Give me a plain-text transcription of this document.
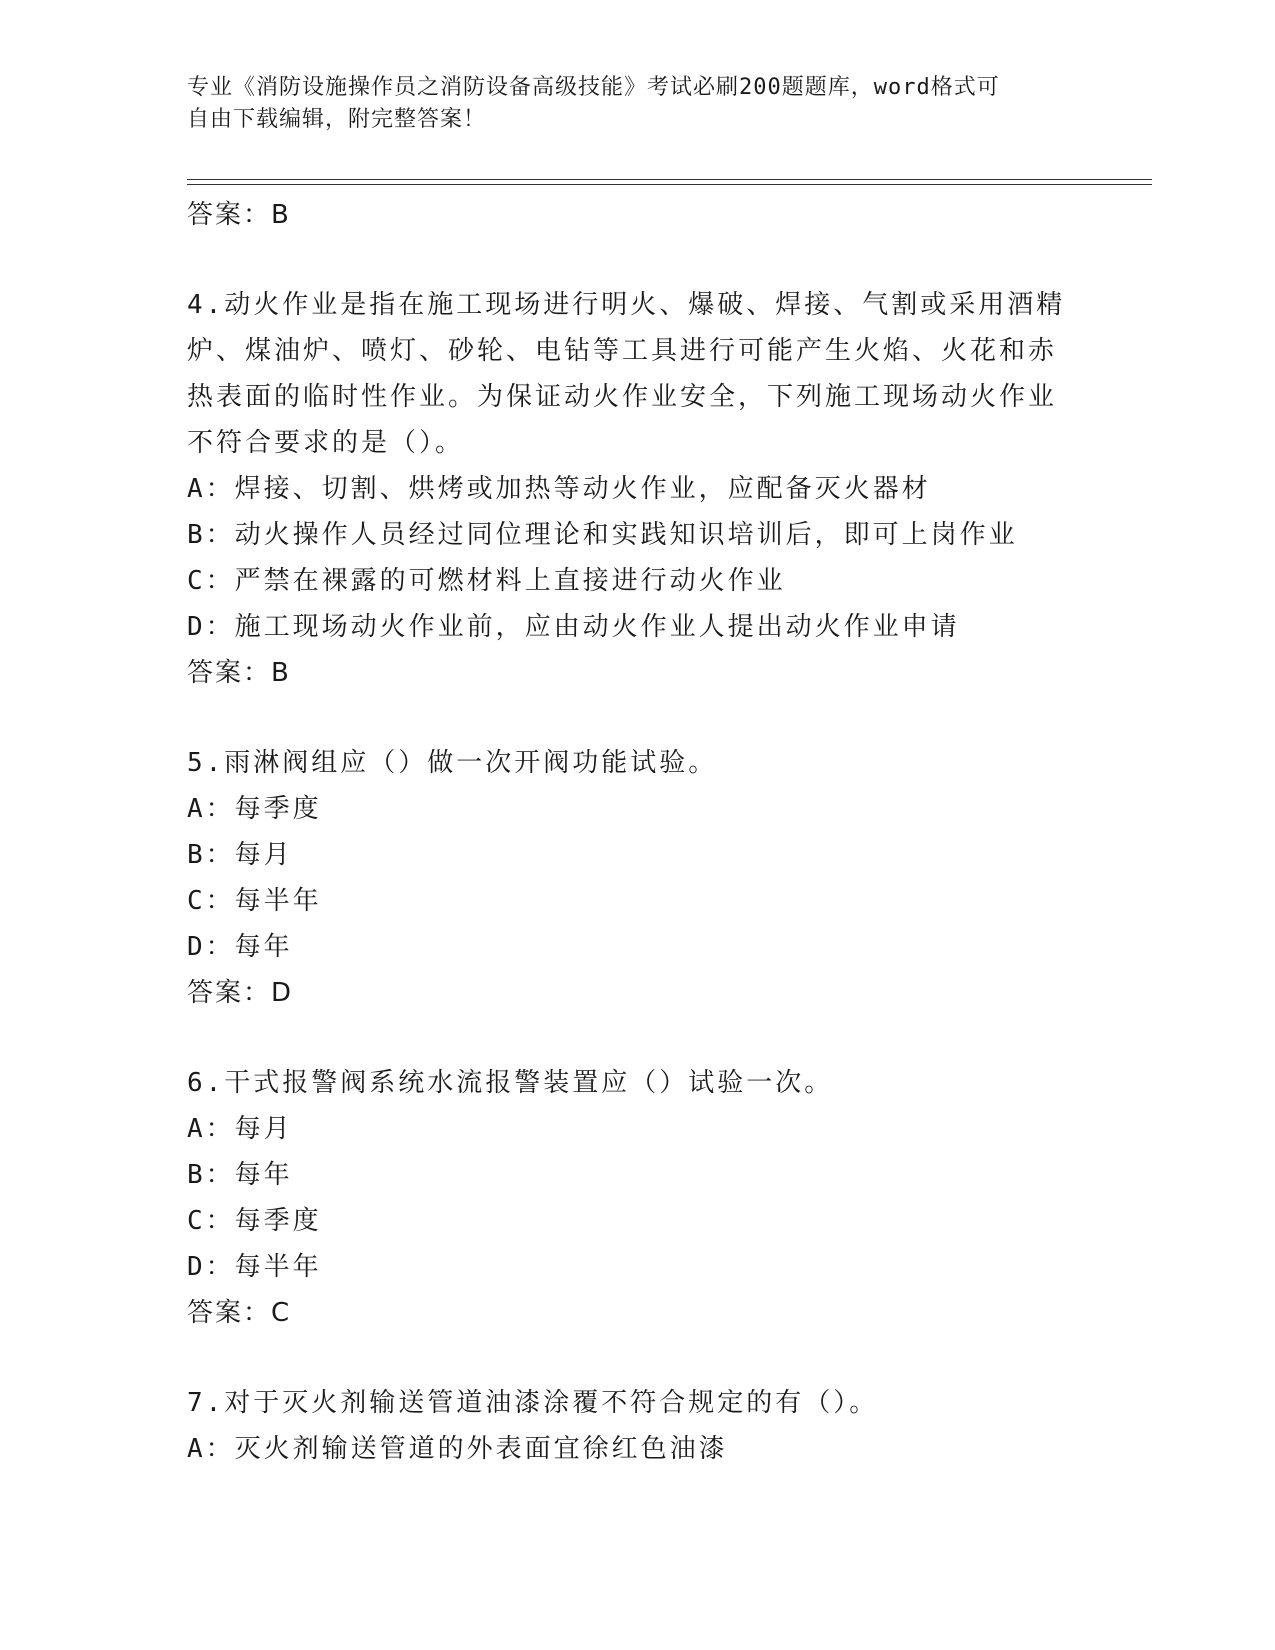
专业《消防设施操作员之消防设备高级技能》考试必刷200题题库，word格式可
自由下载编辑，附完整答案！
答案：B
4.动火作业是指在施工现场进行明火、爆破、焊接、气割或采用酒精
炉、煤油炉、喷灯、砂轮、电钻等工具进行可能产生火焰、火花和赤
热表面的临时性作业。为保证动火作业安全，下列施工现场动火作业
不符合要求的是（）。
A：焊接、切割、烘烤或加热等动火作业，应配备灭火器材
B：动火操作人员经过同位理论和实践知识培训后，即可上岗作业
C：严禁在裸露的可燃材料上直接进行动火作业
D：施工现场动火作业前，应由动火作业人提出动火作业申请
答案：B
5.雨淋阀组应（）做一次开阀功能试验。
A：每季度
B：每月
C：每半年
D：每年
答案：D
6.干式报警阀系统水流报警装置应（）试验一次。
A：每月
B：每年
C：每季度
D：每半年
答案：C
7.对于灭火剂输送管道油漆涂覆不符合规定的有（）。
A：灭火剂输送管道的外表面宜徐红色油漆
